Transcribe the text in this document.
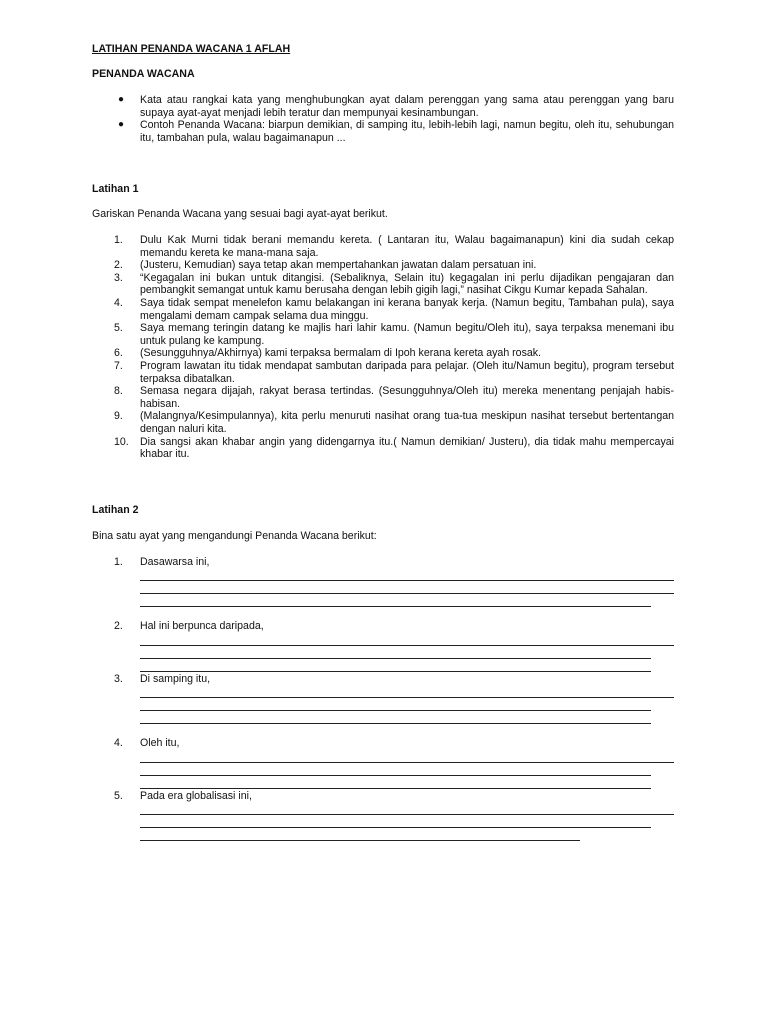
LATIHAN PENANDA WACANA 1 AFLAH
PENANDA WACANA
● Kata atau rangkai kata yang menghubungkan ayat dalam perenggan yang sama atau perenggan yang baru supaya ayat-ayat menjadi lebih teratur dan mempunyai kesinambungan.
● Contoh Penanda Wacana: biarpun demikian, di samping itu, lebih-lebih lagi, namun begitu, oleh itu, sehubungan itu, tambahan pula, walau bagaimanapun ...
Latihan 1
Gariskan Penanda Wacana yang sesuai bagi ayat-ayat berikut.
1. Dulu Kak Murni tidak berani memandu kereta. ( Lantaran itu, Walau bagaimanapun) kini dia sudah cekap memandu kereta ke mana-mana saja.
2. (Justeru, Kemudian) saya tetap akan mempertahankan jawatan dalam persatuan ini.
3. “Kegagalan ini bukan untuk ditangisi. (Sebaliknya, Selain itu) kegagalan ini perlu dijadikan pengajaran dan pembangkit semangat untuk kamu berusaha dengan lebih gigih lagi,” nasihat Cikgu Kumar kepada Sahalan.
4. Saya tidak sempat menelefon kamu belakangan ini kerana banyak kerja. (Namun begitu, Tambahan pula), saya mengalami demam campak selama dua minggu.
5. Saya memang teringin datang ke majlis hari lahir kamu. (Namun begitu/Oleh itu), saya terpaksa menemani ibu untuk pulang ke kampung.
6. (Sesungguhnya/Akhirnya) kami terpaksa bermalam di Ipoh kerana kereta ayah rosak.
7. Program lawatan itu tidak mendapat sambutan daripada para pelajar. (Oleh itu/Namun begitu), program tersebut terpaksa dibatalkan.
8. Semasa negara dijajah, rakyat berasa tertindas. (Sesungguhnya/Oleh itu) mereka menentang penjajah habis-habisan.
9. (Malangnya/Kesimpulannya), kita perlu menuruti nasihat orang tua-tua meskipun nasihat tersebut bertentangan dengan naluri kita.
10. Dia sangsi akan khabar angin yang didengarnya itu.( Namun demikian/ Justeru), dia tidak mahu mempercayai khabar itu.
Latihan 2
Bina satu ayat yang mengandungi Penanda Wacana berikut:
1. Dasawarsa ini,
2. Hal ini berpunca daripada,
3. Di samping itu,
4. Oleh itu,
5. Pada era globalisasi ini,
